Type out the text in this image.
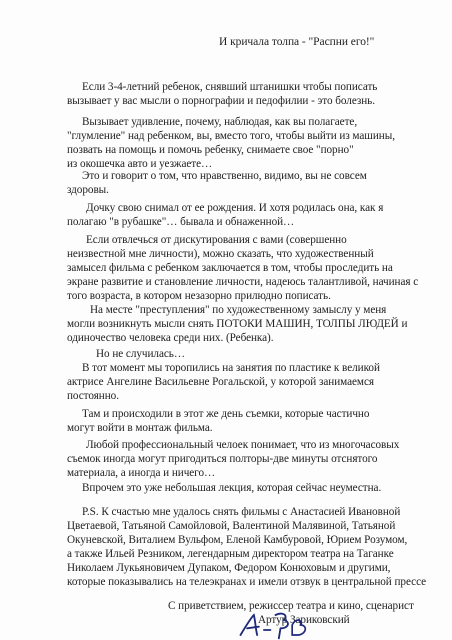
И кричала толпа - "Распни его!"
Если 3-4-летний ребенок, снявший штанишки чтобы пописать
вызывает у вас мысли о порнографии и педофилии - это болезнь.
Вызывает удивление, почему, наблюдая, как вы полагаете,
"глумление" над ребенком, вы, вместо того, чтобы выйти из машины,
позвать на помощь и помочь ребенку, снимаете свое "порно"
из окошечка авто и уезжаете…
Это и говорит о том, что нравственно, видимо, вы не совсем
здоровы.
Дочку свою снимал от ее рождения. И хотя родилась она, как я
полагаю "в рубашке"… бывала и обнаженной…
Если отвлечься от дискутирования с вами (совершенно
неизвестной мне личности), можно сказать, что художественный
замысел фильма с ребенком заключается в том, чтобы проследить на
экране развитие и становление личности, надеюсь талантливой, начиная с
того возраста, в котором незазорно прилюдно пописать.
На месте "преступления" по художественному замыслу у меня
могли возникнуть мысли снять ПОТОКИ МАШИН, ТОЛПЫ ЛЮДЕЙ и
одиночество человека среди них. (Ребенка).
Но не случилась…
В тот момент мы торопились на занятия по пластике к великой
актрисе Ангелине Васильевне Рогальской, у которой занимаемся
постоянно.
Там и происходили в этот же день съемки, которые частично
могут войти в монтаж фильма.
Любой профессиональный челоек понимает, что из многочасовых
съемок иногда могут пригодиться полторы-две минуты отснятого
материала, а иногда и ничего…
Впрочем это уже небольшая лекция, которая сейчас неуместна.
P.S. К счастью мне удалось снять фильмы с Анастасией Ивановной
Цветаевой, Татьяной Самойловой, Валентиной Малявиной, Татьяной
Окуневской, Виталием Вульфом, Еленой Камбуровой, Юрием Розумом,
а также Ильей Резником, легендарным директором театра на Таганке
Николаем Лукьяновичем Дупаком, Федором Конюховым и другими,
которые показывались на телеэкранах и имели отзвук в центральной прессе
С приветствием, режиссер театра и кино, сценарист
Артур Зариковский
